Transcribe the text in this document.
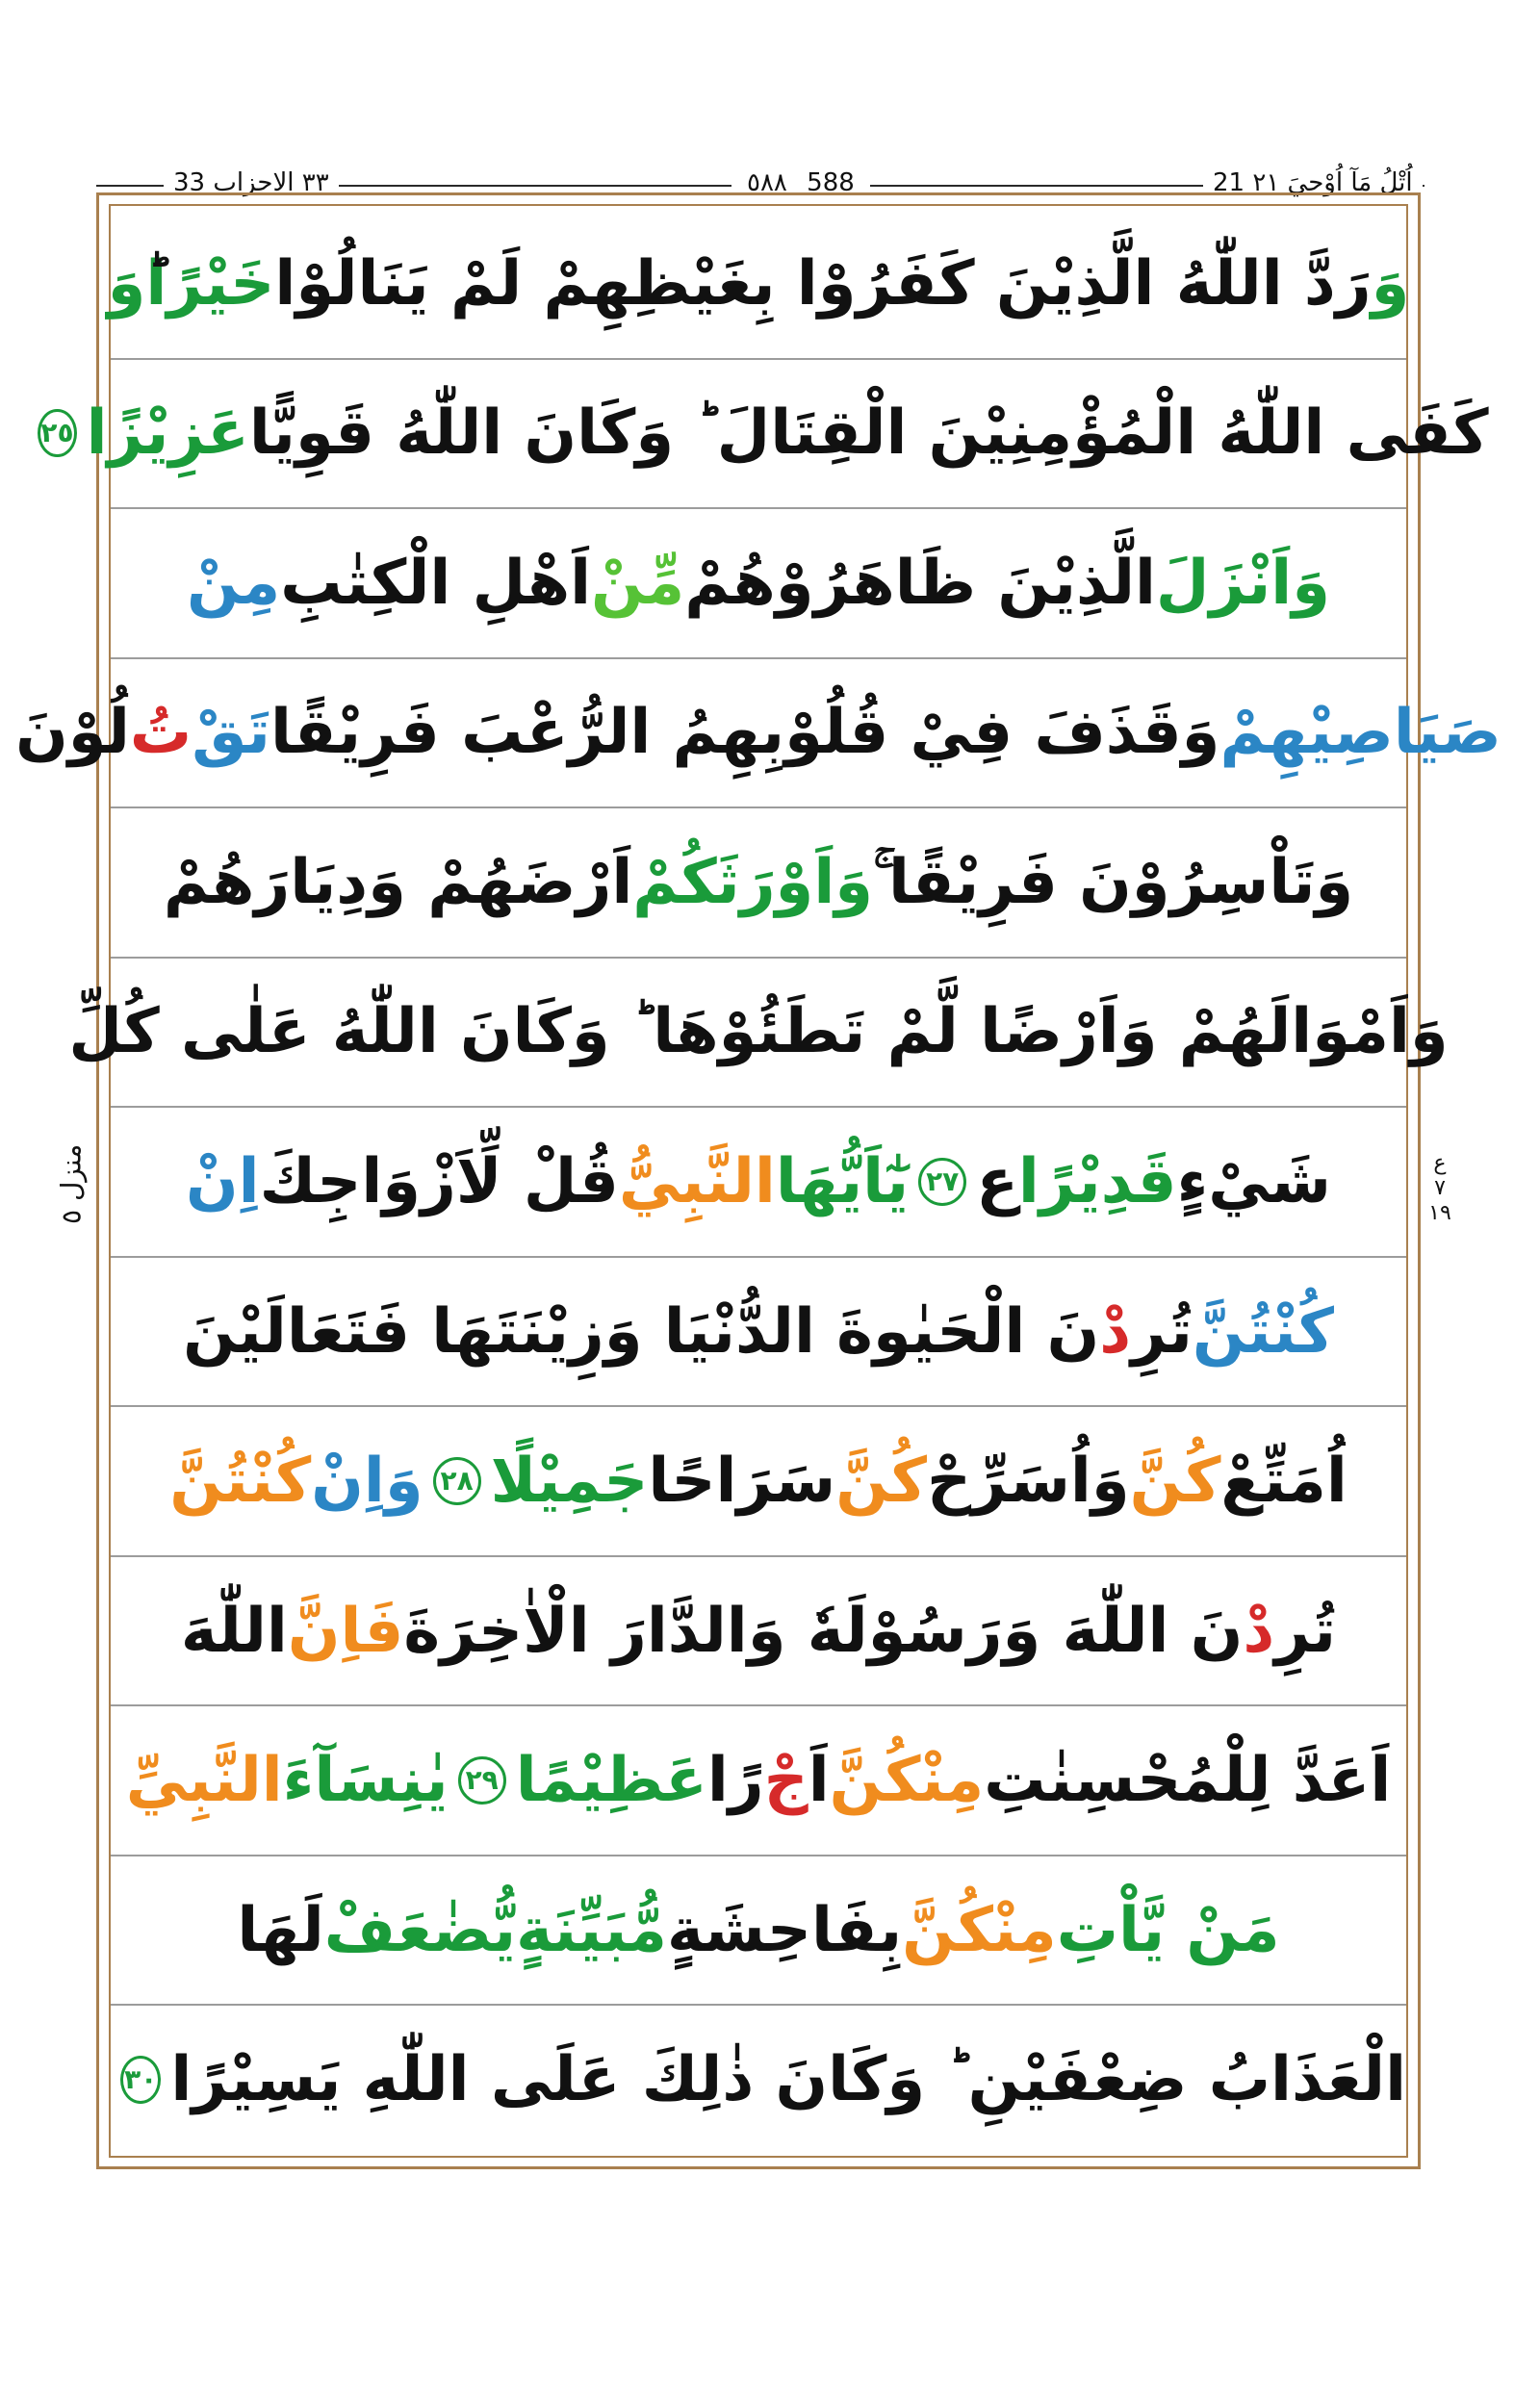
٣٣ الاحزاب 33	٥٨٨ 588	21 اُتْلُ مَآ اُوْحِيَ ٢١
وَ
رَدَّ اللّٰهُ الَّذِيْنَ كَفَرُوْا بِغَيْظِهِمْ لَمْ يَنَالُوْا
خَيْرًا
وَ
كَفَى اللّٰهُ الْمُؤْمِنِيْنَ الْقِتَالَ ؕ وَكَانَ اللّٰهُ قَوِيًّا
عَزِيْزًا
٢٥
وَاَنْزَلَ
الَّذِيْنَ ظَاهَرُوْهُمْ
مِّنْ
اَهْلِ الْكِتٰبِ
مِنْ
صَيَاصِيْهِمْ
وَقَذَفَ فِيْ قُلُوْبِهِمُ الرُّعْبَ فَرِيْقًا
تَقْ
تُ
لُوْنَ
وَتَاْسِرُوْنَ فَرِيْقًا ۚ
وَاَوْرَثَكُمْ
اَرْضَهُمْ وَدِيَارَهُمْ
وَاَمْوَالَهُمْ وَاَرْضًا لَّمْ تَطَئُوْهَا ؕ وَكَانَ اللّٰهُ عَلٰى كُلِّ
شَيْءٍ
قَدِيْرًا
ع
٢٧
يٰٓاَيُّهَا
النَّبِيُّ
قُلْ لِّاَزْوَاجِكَ
اِنْ
كُنْتُنَّ
تُرِ
دْ
نَ الْحَيٰوةَ الدُّنْيَا وَزِيْنَتَهَا فَتَعَالَيْنَ
اُمَتِّعْ
كُنَّ
وَاُسَرِّحْ
كُنَّ
سَرَاحًا
جَمِيْلًا
٢٨
وَاِنْ
كُنْتُنَّ
تُرِ
دْ
نَ اللّٰهَ وَرَسُوْلَهٗ وَالدَّارَ الْاٰخِرَةَ
فَاِنَّ
اللّٰهَ
اَعَدَّ لِلْمُحْسِنٰتِ
مِنْكُنَّ
اَ
جْ
رًا
عَظِيْمًا
٢٩
يٰنِسَآءَ
النَّبِيِّ
مَنْ يَّاْتِ
مِنْكُنَّ
بِفَاحِشَةٍ
مُّبَيِّنَةٍ
يُّضٰعَفْ
لَهَا
الْعَذَابُ ضِعْفَيْنِ ؕ وَكَانَ ذٰلِكَ عَلَى اللّٰهِ يَسِيْرًا
٣٠
منزل ٥	ع
٧
١٩
